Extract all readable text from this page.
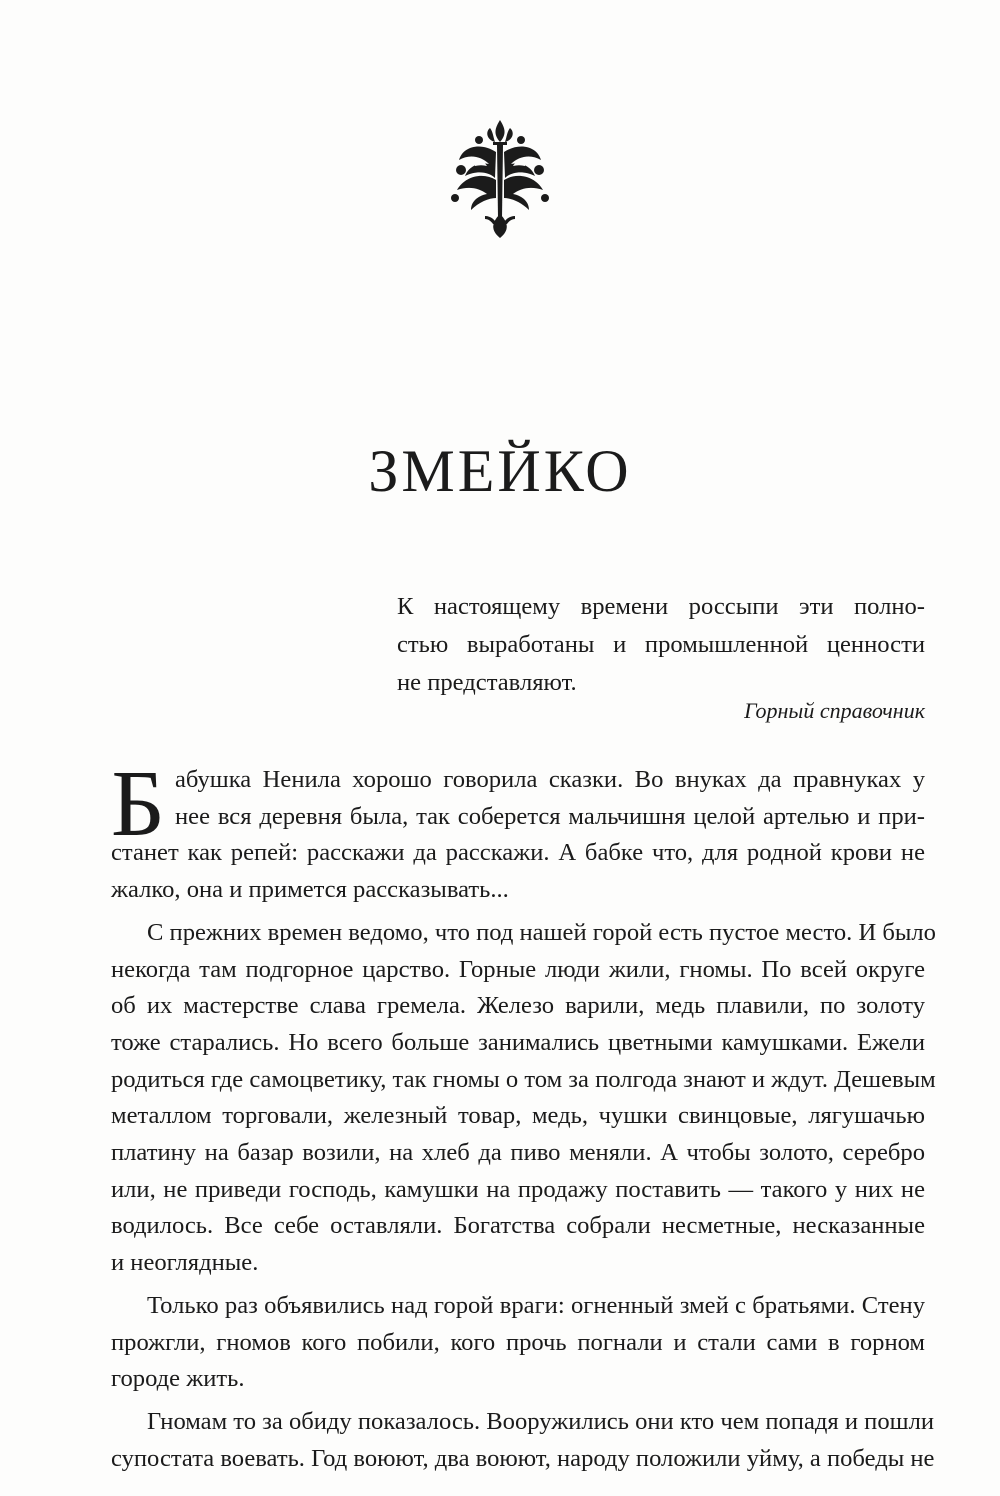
ЗМЕЙКО
К настоящему времени россыпи эти полно-
стью выработаны и промышленной ценности
не представляют.
Горный справочник
Б абушка Ненила хорошо говорила сказки. Во внуках да правнуках у
нее вся деревня была, так соберется мальчишня целой артелью и при-
станет как репей: расскажи да расскажи. А бабке что, для родной крови не
жалко, она и примется рассказывать...
С прежних времен ведомо, что под нашей горой есть пустое место. И было
некогда там подгорное царство. Горные люди жили, гномы. По всей округе
об их мастерстве слава гремела. Железо варили, медь плавили, по золоту
тоже старались. Но всего больше занимались цветными камушками. Ежели
родиться где самоцветику, так гномы о том за полгода знают и ждут. Дешевым
металлом торговали, железный товар, медь, чушки свинцовые, лягушачью
платину на базар возили, на хлеб да пиво меняли. А чтобы золото, серебро
или, не приведи господь, камушки на продажу поставить — такого у них не
водилось. Все себе оставляли. Богатства собрали несметные, несказанные
и неоглядные.
Только раз объявились над горой враги: огненный змей с братьями. Стену
прожгли, гномов кого побили, кого прочь погнали и стали сами в горном
городе жить.
Гномам то за обиду показалось. Вооружились они кто чем попадя и пошли
супостата воевать. Год воюют, два воюют, народу положили уйму, а победы не
